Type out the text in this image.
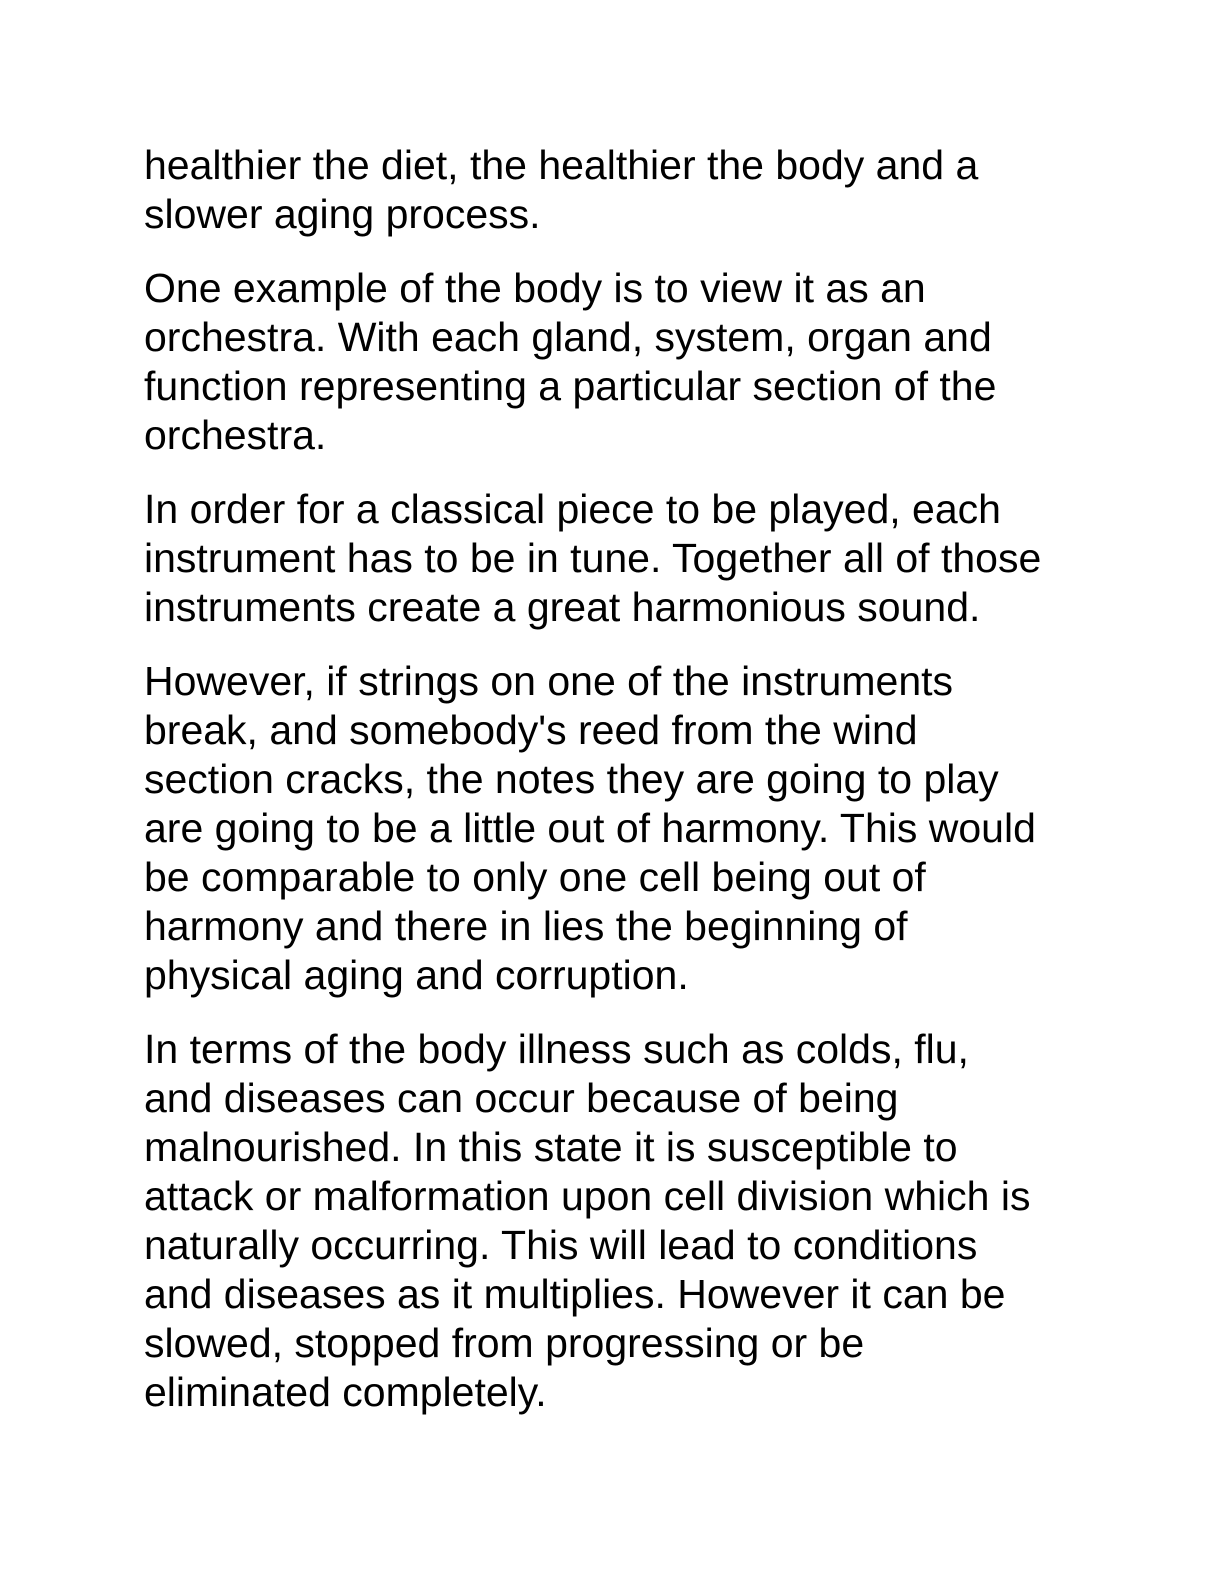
healthier the diet, the healthier the body and a
slower aging process.

One example of the body is to view it as an
orchestra. With each gland, system, organ and
function representing a particular section of the
orchestra.

In order for a classical piece to be played, each
instrument has to be in tune. Together all of those
instruments create a great harmonious sound.

However, if strings on one of the instruments
break, and somebody's reed from the wind
section cracks, the notes they are going to play
are going to be a little out of harmony. This would
be comparable to only one cell being out of
harmony and there in lies the beginning of
physical aging and corruption.

In terms of the body illness such as colds, flu,
and diseases can occur because of being
malnourished. In this state it is susceptible to
attack or malformation upon cell division which is
naturally occurring. This will lead to conditions
and diseases as it multiplies. However it can be
slowed, stopped from progressing or be
eliminated completely.
